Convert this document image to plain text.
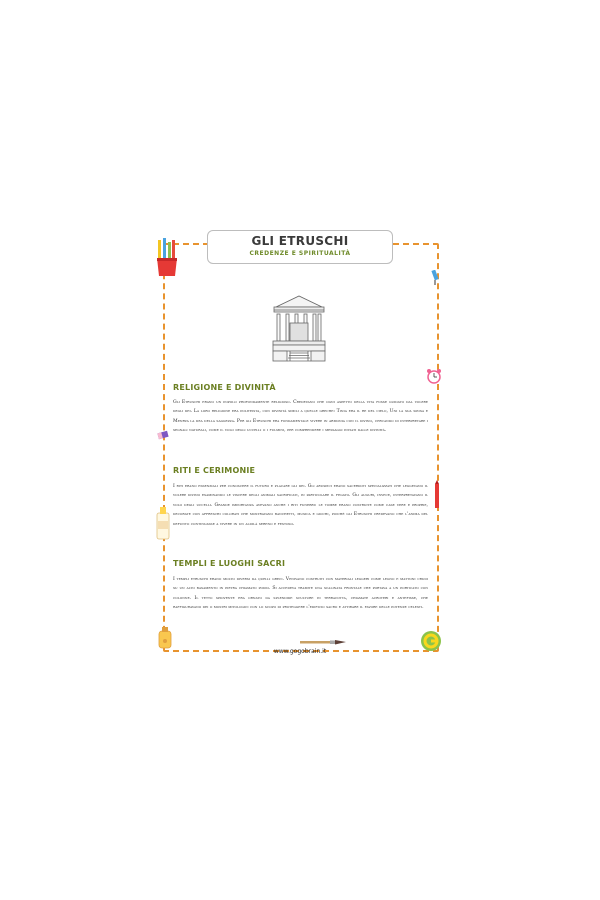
GLI ETRUSCHI
CREDENZE E SPIRITUALITÀ
RELIGIONE E DIVINITÀ
Gli Etruschi erano un popolo profondamente religioso. Credevano che ogni aspetto della vita fosse guidato dal volere degli dei. La loro religione era politeista, con divinità simili a quelle greche: Tinia era il re del cielo, Uni la sua sposa e Menrva la dea della saggezza. Per gli Etruschi era fondamentale vivere in armonia con il divino, cercando di interpretare i segnali naturali, come il volo degli uccelli o i fulmini, per comprendere i messaggi inviati dalle divinità.
RITI E CERIMONIE
I riti erano essenziali per conoscere il futuro e placare gli dei. Gli aruspici erano sacerdoti specializzati che leggevano il volere divino esaminando le viscere degli animali sacrificati, in particolare il fegato. Gli auguri, invece, interpretavano il volo degli uccelli. Grande importanza avevano anche i riti funebri: le tombe erano costruite come case vere e proprie, decorate con affreschi colorati che mostravano banchetti, musica e giochi, poiché gli Etruschi credevano che l'anima del defunto continuasse a vivere in un aldilà sereno e festoso.
TEMPLI E LUOGHI SACRI
I templi etruschi erano molto diversi da quelli greci. Venivano costruiti con materiali leggeri come legno e mattoni crudi su un alto basamento in pietra chiamato podio. Si accedeva tramite una scalinata frontale che portava a un porticato con colonne. Il tetto spiovente era ornato da splendide sculture in terracotta, chiamate acroteri e antefisse, che raffiguravano dei o mostri mitologici con lo scopo di proteggere l'edificio sacro e attirare il favore delle potenze celesti.
www.gogobrain.it
